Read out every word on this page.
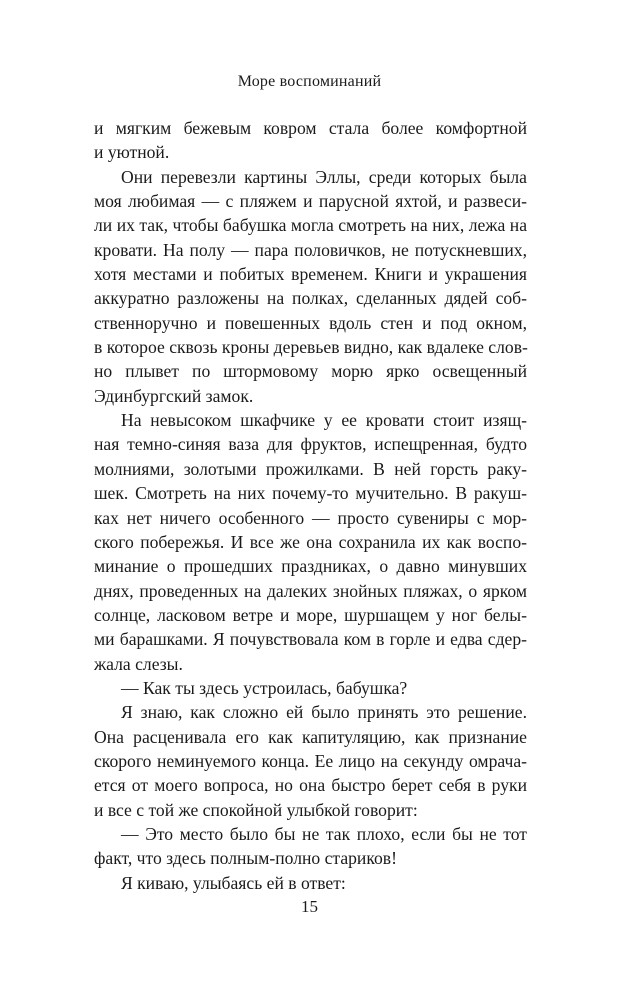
Море воспоминаний
и мягким бежевым ковром стала более комфортной
и уютной.
Они перевезли картины Эллы, среди которых была
моя любимая — с пляжем и парусной яхтой, и развеси-
ли их так, чтобы бабушка могла смотреть на них, лежа на
кровати. На полу — пара половичков, не потускневших,
хотя местами и побитых временем. Книги и украшения
аккуратно разложены на полках, сделанных дядей соб-
ственноручно и повешенных вдоль стен и под окном,
в которое сквозь кроны деревьев видно, как вдалеке слов-
но плывет по штормовому морю ярко освещенный
Эдинбургский замок.
На невысоком шкафчике у ее кровати стоит изящ-
ная темно-синяя ваза для фруктов, испещренная, будто
молниями, золотыми прожилками. В ней горсть раку-
шек. Смотреть на них почему-то мучительно. В ракуш-
ках нет ничего особенного — просто сувениры с мор-
ского побережья. И все же она сохранила их как воспо-
минание о прошедших праздниках, о давно минувших
днях, проведенных на далеких знойных пляжах, о ярком
солнце, ласковом ветре и море, шуршащем у ног белы-
ми барашками. Я почувствовала ком в горле и едва сдер-
жала слезы.
— Как ты здесь устроилась, бабушка?
Я знаю, как сложно ей было принять это решение.
Она расценивала его как капитуляцию, как признание
скорого неминуемого конца. Ее лицо на секунду омрача-
ется от моего вопроса, но она быстро берет себя в руки
и все с той же спокойной улыбкой говорит:
— Это место было бы не так плохо, если бы не тот
факт, что здесь полным-полно стариков!
Я киваю, улыбаясь ей в ответ:
15
